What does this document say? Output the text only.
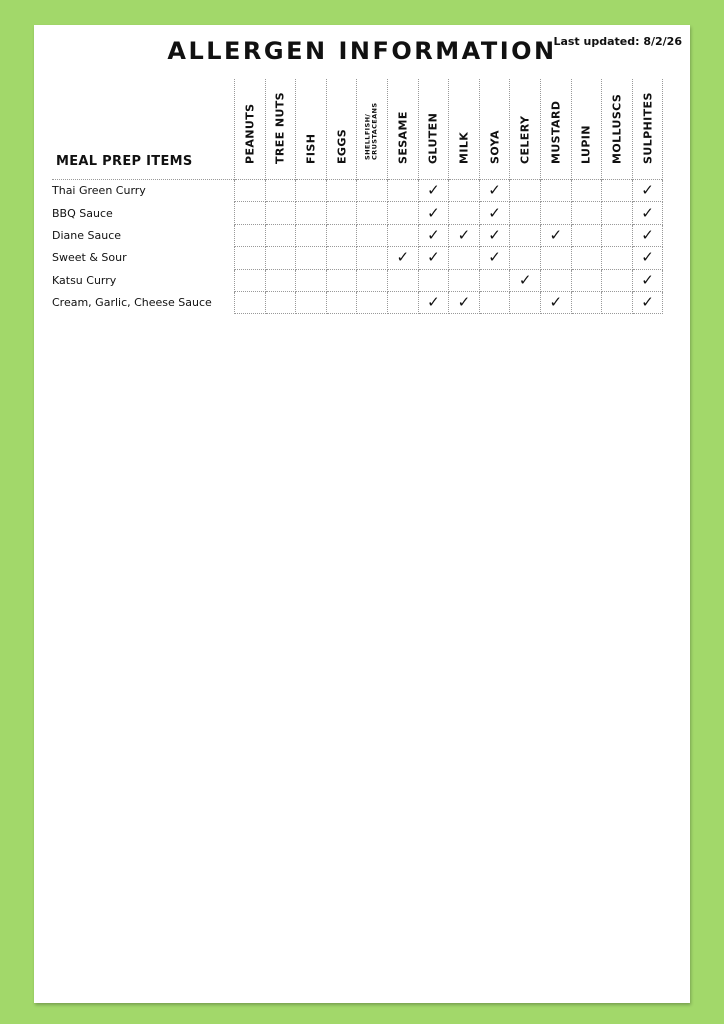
ALLERGEN INFORMATION
Last updated: 8/2/26
MEAL PREP ITEMS

	PEANUTS	TREE NUTS	FISH	EGGS	SHELLFISH/
CRUSTACEANS	SESAME	GLUTEN	MILK	SOYA	CELERY	MUSTARD	LUPIN	MOLLUSCS	SULPHITES

Thai Green Curry							✓		✓					✓
BBQ Sauce							✓		✓					✓
Diane Sauce							✓	✓	✓		✓			✓
Sweet & Sour						✓	✓		✓					✓
Katsu Curry										✓				✓
Cream, Garlic, Cheese Sauce							✓	✓			✓			✓
